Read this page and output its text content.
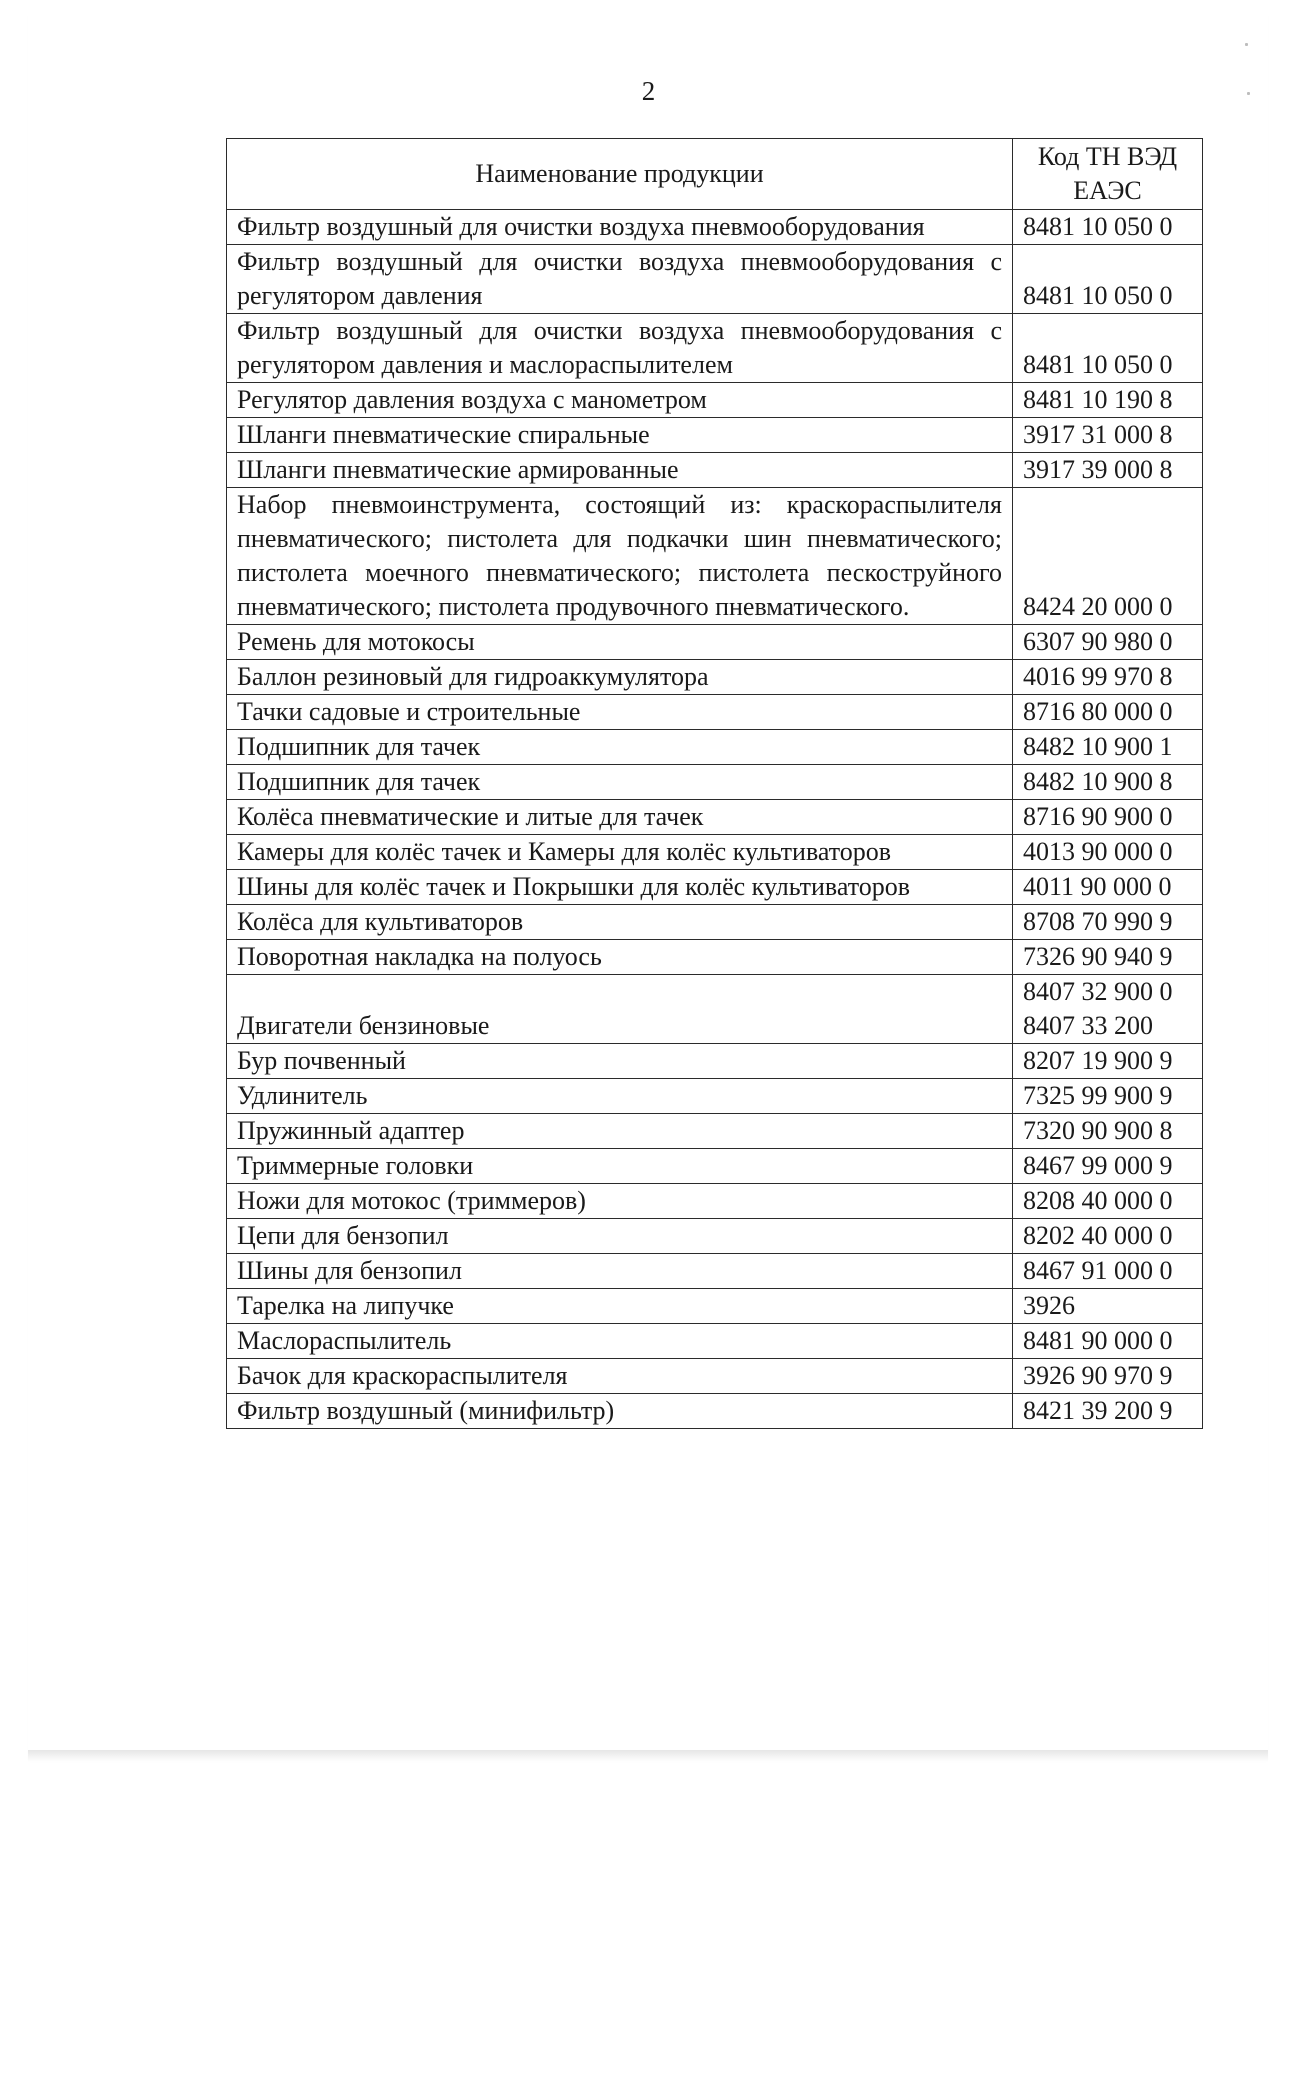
2
Наименование продукции	Код ТН ВЭД ЕАЭС
Фильтр воздушный для очистки воздуха пневмооборудования	8481 10 050 0
Фильтр воздушный для очистки воздуха пневмооборудования с регулятором давления	8481 10 050 0
Фильтр воздушный для очистки воздуха пневмооборудования с регулятором давления и маслораспылителем	8481 10 050 0
Регулятор давления воздуха с манометром	8481 10 190 8
Шланги пневматические спиральные	3917 31 000 8
Шланги пневматические армированные	3917 39 000 8
Набор пневмоинструмента, состоящий из: краскораспылителя пневматического; пистолета для подкачки шин пневматического; пистолета моечного пневматического; пистолета пескоструйного пневматического; пистолета продувочного пневматического.	8424 20 000 0
Ремень для мотокосы	6307 90 980 0
Баллон резиновый для гидроаккумулятора	4016 99 970 8
Тачки садовые и строительные	8716 80 000 0
Подшипник для тачек	8482 10 900 1
Подшипник для тачек	8482 10 900 8
Колёса пневматические и литые для тачек	8716 90 900 0
Камеры для колёс тачек и Камеры для колёс культиваторов	4013 90 000 0
Шины для колёс тачек и Покрышки для колёс культиваторов	4011 90 000 0
Колёса для культиваторов	8708 70 990 9
Поворотная накладка на полуось	7326 90 940 9
Двигатели бензиновые	8407 32 900 0
8407 33 200

Бур почвенный	8207 19 900 9
Удлинитель	7325 99 900 9
Пружинный адаптер	7320 90 900 8
Триммерные головки	8467 99 000 9
Ножи для мотокос (триммеров)	8208 40 000 0
Цепи для бензопил	8202 40 000 0
Шины для бензопил	8467 91 000 0
Тарелка на липучке	3926
Маслораспылитель	8481 90 000 0
Бачок для краскораспылителя	3926 90 970 9
Фильтр воздушный (минифильтр)	8421 39 200 9
